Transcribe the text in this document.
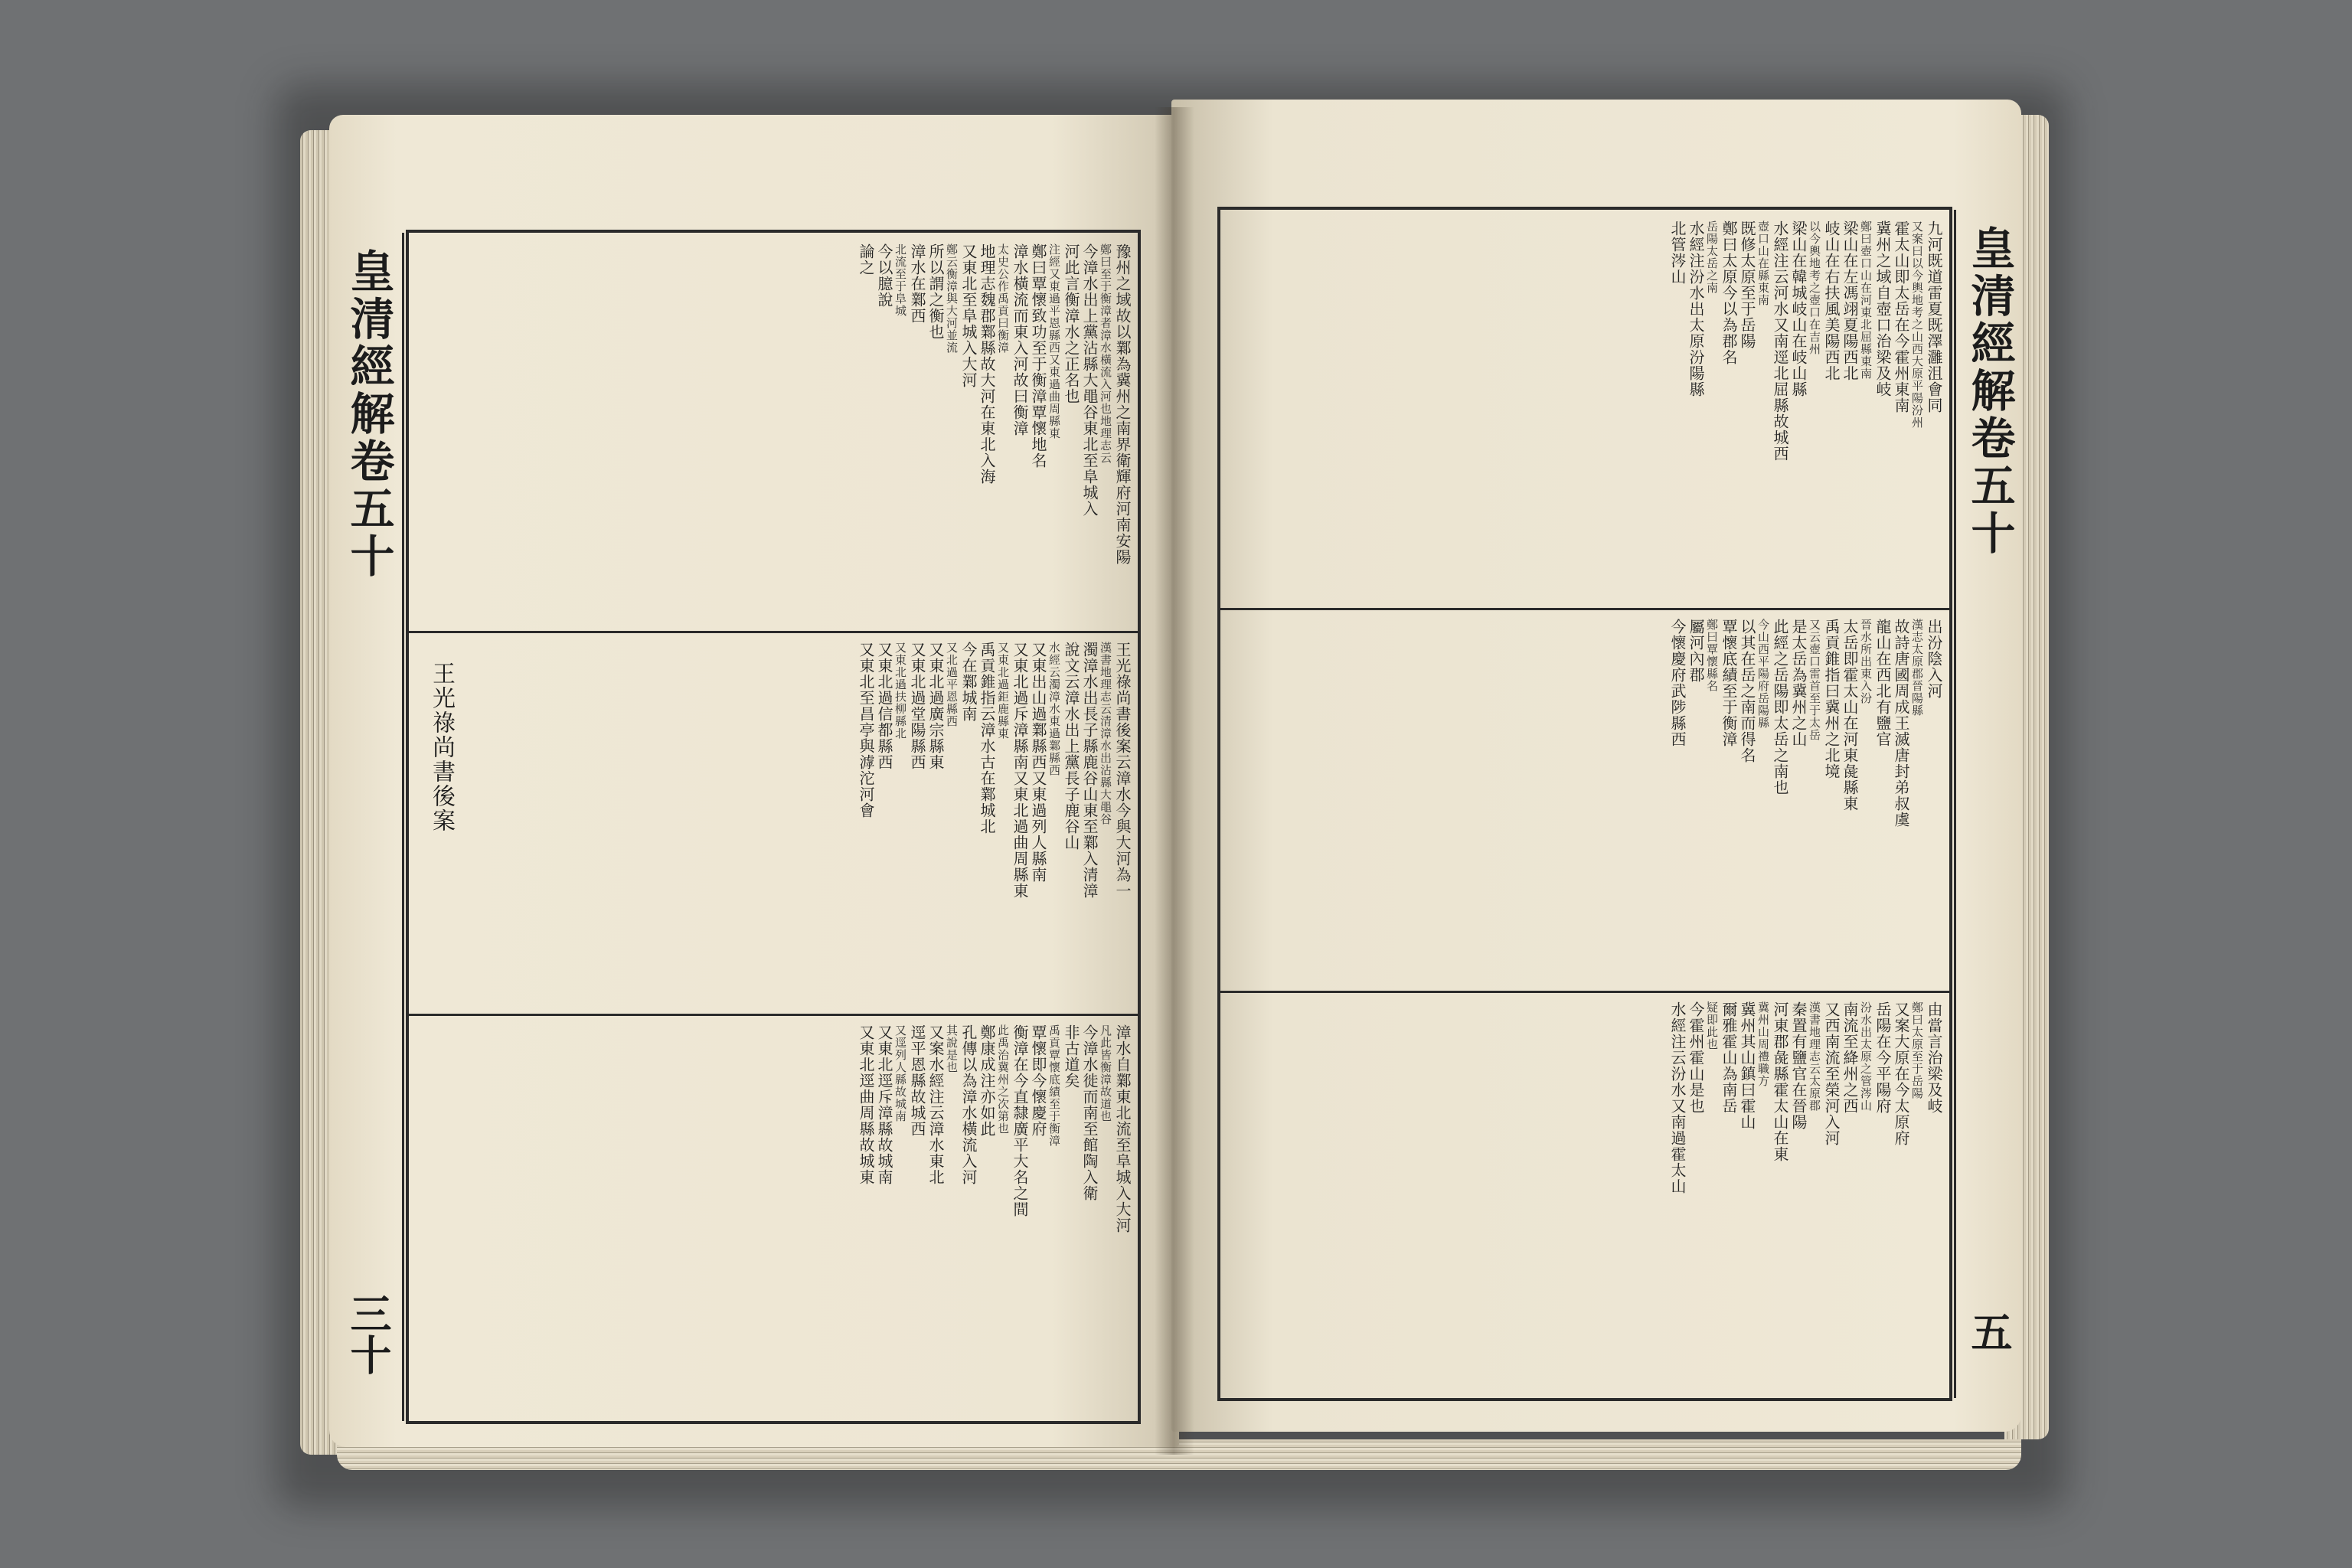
皇清經解卷五十
三十
豫州之域故以鄴為冀州之南界衛輝府河南安陽
鄭曰至于衡漳者漳水橫流入河也地理志云
今漳水出上黨沾縣大黽谷東北至阜城入
河此言衡漳水之正名也
注經又東過平恩縣西又東過曲周縣東
鄭曰覃懷致功至于衡漳覃懷地名
漳水橫流而東入河故曰衡漳
太史公作禹貢曰衡漳
地理志魏郡鄴縣故大河在東北入海
又東北至阜城入大河
鄭云衡漳與大河並流
所以謂之衡也
漳水在鄴西
北流至于阜城
今以臆說
論之
王光祿尚書後案云漳水今與大河為一
漢書地理志云清漳水出沾縣大黽谷
濁漳水出長子縣鹿谷山東至鄴入清漳
說文云漳水出上黨長子鹿谷山
水經云濁漳水東過鄴縣西
又東出山過鄴縣西又東過列人縣南
又東北過斥漳縣南又東北過曲周縣東
又東北過鉅鹿縣東
禹貢錐指云漳水古在鄴城北
今在鄴城南
又北過平恩縣西
又東北過廣宗縣東
又東北過堂陽縣西
又東北過扶柳縣北
又東北過信都縣西
又東北至昌亭與滹沱河會
漳水自鄴東北流至阜城入大河
凡此皆衡漳故道也
今漳水徙而南至館陶入衛
非古道矣
禹貢覃懷底績至于衡漳
覃懷即今懷慶府
衡漳在今直隸廣平大名之間
此禹治冀州之次第也
鄭康成注亦如此
孔傳以為漳水橫流入河
其說是也
又案水經注云漳水東北
逕平恩縣故城西
又逕列人縣故城南
又東北逕斥漳縣故城南
又東北逕曲周縣故城東
王光祿尚書後案
皇清經解卷五十
五
九河既道雷夏既澤灉沮會同
又案曰以今輿地考之山西大原平陽汾州
霍太山即太岳在今霍州東南
冀州之域自壺口治梁及岐
鄭曰壺口山在河東北屈縣東南
梁山在左馮翊夏陽西北
岐山在右扶風美陽西北
以今輿地考之壺口在吉州
梁山在韓城岐山在岐山縣
水經注云河水又南逕北屈縣故城西
壺口山在縣東南
既修太原至于岳陽
鄭曰太原今以為郡名
岳陽太岳之南
水經注汾水出太原汾陽縣
北管涔山
出汾陰入河
漢志太原郡晉陽縣
故詩唐國周成王滅唐封弟叔虞
龍山在西北有鹽官
晉水所出東入汾
太岳即霍太山在河東彘縣東
禹貢錐指曰冀州之北境
又云壺口雷首至于太岳
是太岳為冀州之山
此經之岳陽即太岳之南也
今山西平陽府岳陽縣
以其在岳之南而得名
覃懷底績至于衡漳
鄭曰覃懷縣名
屬河內郡
今懷慶府武陟縣西
由當言治梁及岐
鄭曰太原至于岳陽
又案大原在今太原府
岳陽在今平陽府
汾水出太原之管涔山
南流至絳州之西
又西南流至榮河入河
漢書地理志云太原郡
秦置有鹽官在晉陽
河東郡彘縣霍太山在東
冀州山周禮職方
冀州其山鎮曰霍山
爾雅霍山為南岳
疑即此也
今霍州霍山是也
水經注云汾水又南過霍太山
